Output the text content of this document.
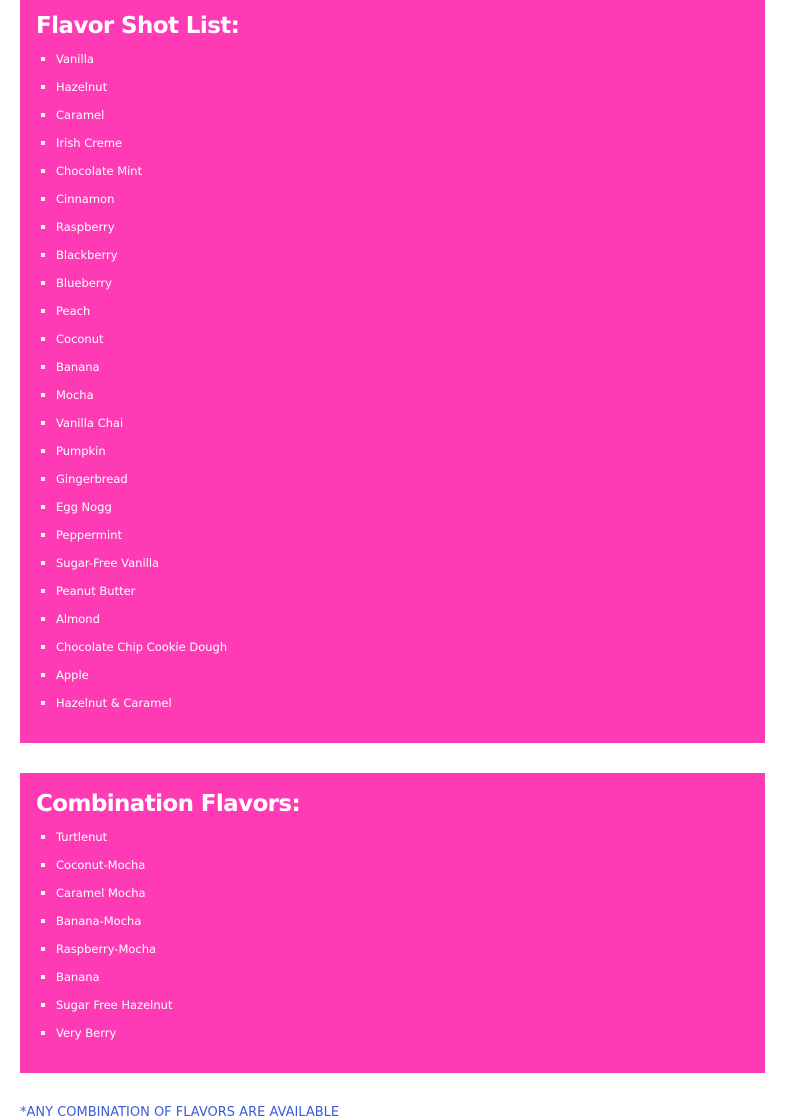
Flavor Shot List:
Vanilla
Hazelnut
Caramel
Irish Creme
Chocolate Mint
Cinnamon
Raspberry
Blackberry
Blueberry
Peach
Coconut
Banana
Mocha
Vanilla Chai
Pumpkin
Gingerbread
Egg Nogg
Peppermint
Sugar-Free Vanilla
Peanut Butter
Almond
Chocolate Chip Cookie Dough
Apple
Hazelnut & Caramel
Combination Flavors:
Turtlenut
Coconut-Mocha
Caramel Mocha
Banana-Mocha
Raspberry-Mocha
Banana
Sugar Free Hazelnut
Very Berry

*ANY COMBINATION OF FLAVORS ARE AVAILABLE
